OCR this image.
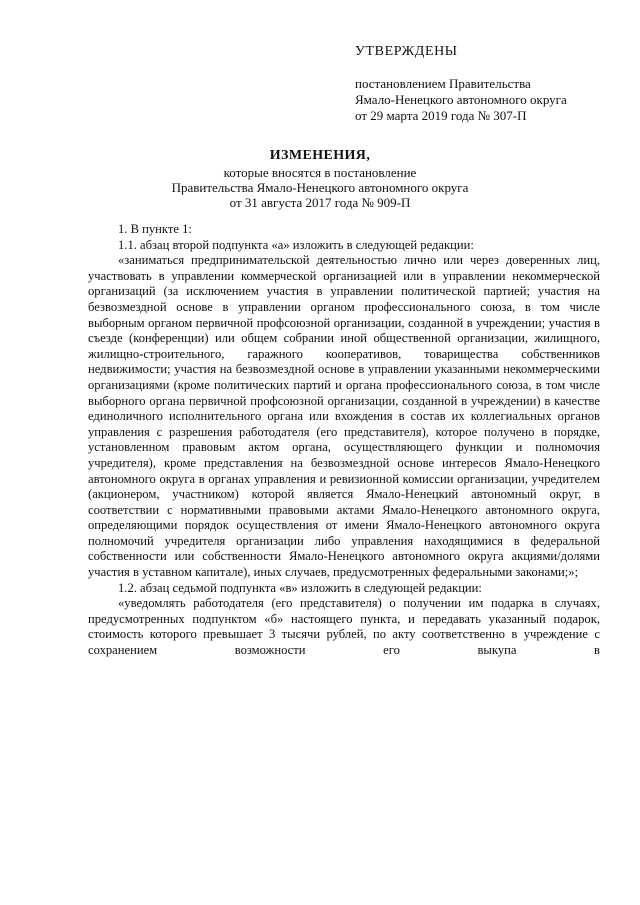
УТВЕРЖДЕНЫ
постановлением Правительства
Ямало-Ненецкого автономного округа
от 29 марта 2019 года № 307-П
ИЗМЕНЕНИЯ,
которые вносятся в постановление
Правительства Ямало-Ненецкого автономного округа
от 31 августа 2017 года № 909-П

1. В пункте 1:

1.1. абзац второй подпункта «а» изложить в следующей редакции:

«заниматься предпринимательской деятельностью лично или через доверенных лиц, участвовать в управлении коммерческой организацией или в управлении некоммерческой организаций (за исключением участия в управлении политической партией; участия на безвозмездной основе в управлении органом профессионального союза, в том числе выборным органом первичной профсоюзной организации, созданной в учреждении; участия в съезде (конференции) или общем собрании иной общественной организации, жилищного, жилищно-строительного, гаражного кооперативов, товарищества собственников недвижимости; участия на безвозмездной основе в управлении указанными некоммерческими организациями (кроме политических партий и органа профессионального союза, в том числе выборного органа первичной профсоюзной организации, созданной в учреждении) в качестве единоличного исполнительного органа или вхождения в состав их коллегиальных органов управления с разрешения работодателя (его представителя), которое получено в порядке, установленном правовым актом органа, осуществляющего функции и полномочия учредителя), кроме представления на безвозмездной основе интересов Ямало-Ненецкого автономного округа в органах управления и ревизионной комиссии организации, учредителем (акционером, участником) которой является Ямало-Ненецкий автономный округ, в соответствии с нормативными правовыми актами Ямало-Ненецкого автономного округа, определяющими порядок осуществления от имени Ямало-Ненецкого автономного округа полномочий учредителя организации либо управления находящимися в федеральной собственности или собственности Ямало-Ненецкого автономного округа акциями/долями участия в уставном капитале), иных случаев, предусмотренных федеральными законами;»;

1.2. абзац седьмой подпункта «в» изложить в следующей редакции:

«уведомлять работодателя (его представителя) о получении им подарка в случаях, предусмотренных подпунктом «б» настоящего пункта, и передавать указанный подарок, стоимость которого превышает 3 тысячи рублей, по акту соответственно в учреждение с сохранением возможности его выкупа в
